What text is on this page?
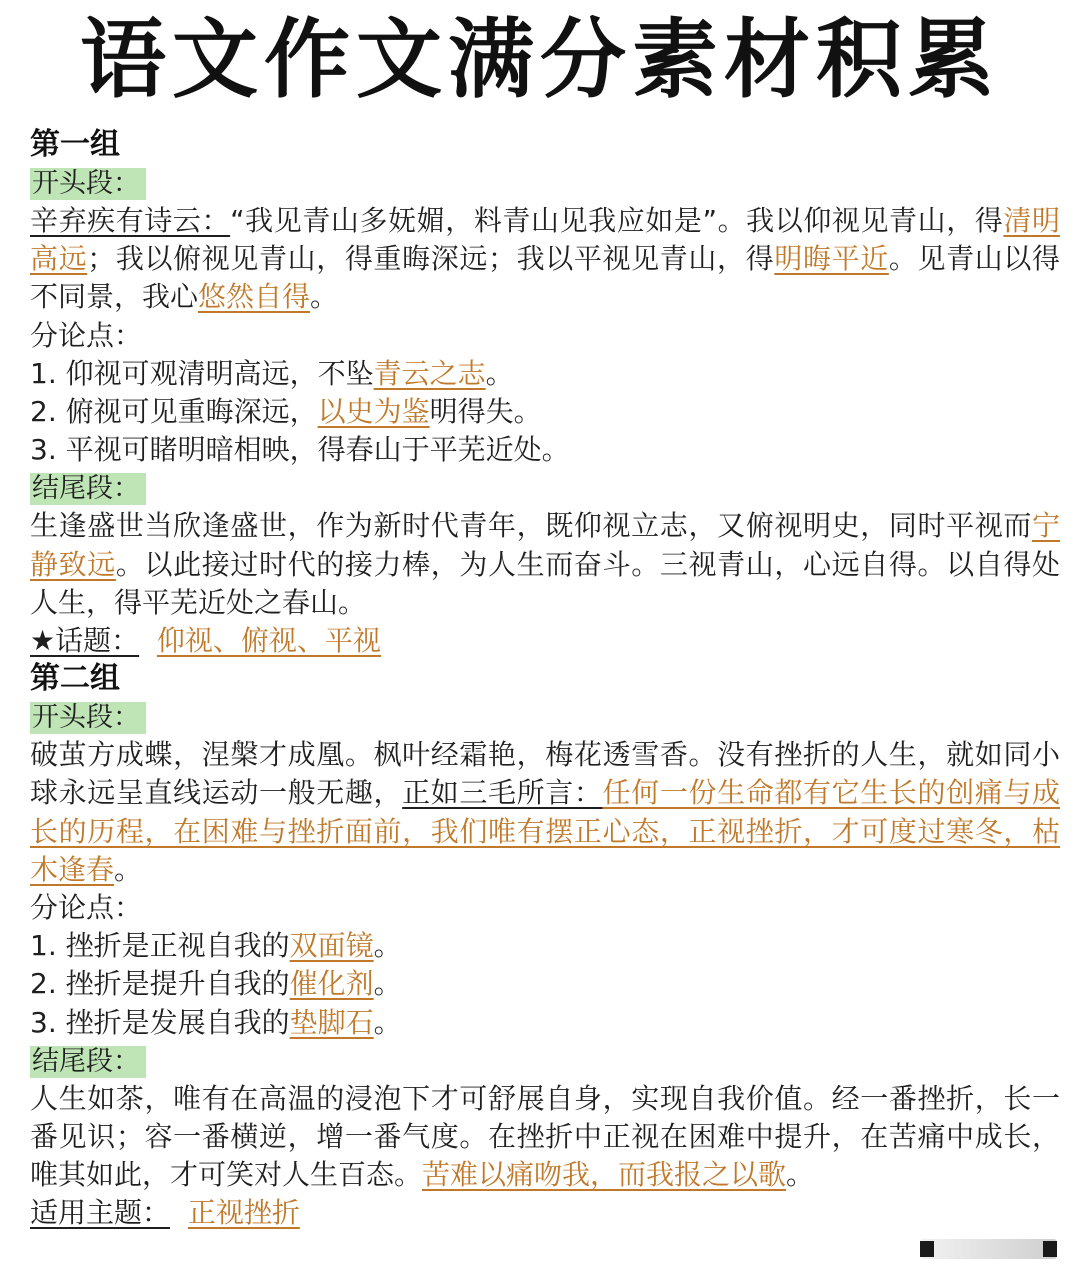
语文作文满分素材积累
第一组
开头段：

辛弃疾有诗云：“我见青山多妩媚，料青山见我应如是”。我以仰视见青山，得清明高远；我以俯视见青山，得重晦深远；我以平视见青山，得明晦平近。见青山以得不同景，我心悠然自得。

分论点：
1. 仰视可观清明高远，不坠青云之志。
2. 俯视可见重晦深远，以史为鉴明得失。
3. 平视可睹明暗相映，得春山于平芜近处。
结尾段：

生逢盛世当欣逢盛世，作为新时代青年，既仰视立志，又俯视明史，同时平视而宁静致远。以此接过时代的接力棒，为人生而奋斗。三视青山，心远自得。以自得处人生，得平芜近处之春山。

★话题： 仰视、俯视、平视
第二组
开头段：

破茧方成蝶，涅槃才成凰。枫叶经霜艳，梅花透雪香。没有挫折的人生，就如同小球永远呈直线运动一般无趣，正如三毛所言：任何一份生命都有它生长的创痛与成长的历程，在困难与挫折面前，我们唯有摆正心态，正视挫折，才可度过寒冬，枯木逢春。

分论点：
1. 挫折是正视自我的双面镜。
2. 挫折是提升自我的催化剂。
3. 挫折是发展自我的垫脚石。
结尾段：

人生如茶，唯有在高温的浸泡下才可舒展自身，实现自我价值。经一番挫折，长一番见识；容一番横逆，增一番气度。在挫折中正视在困难中提升，在苦痛中成长，唯其如此，才可笑对人生百态。苦难以痛吻我，而我报之以歌。

适用主题： 正视挫折
